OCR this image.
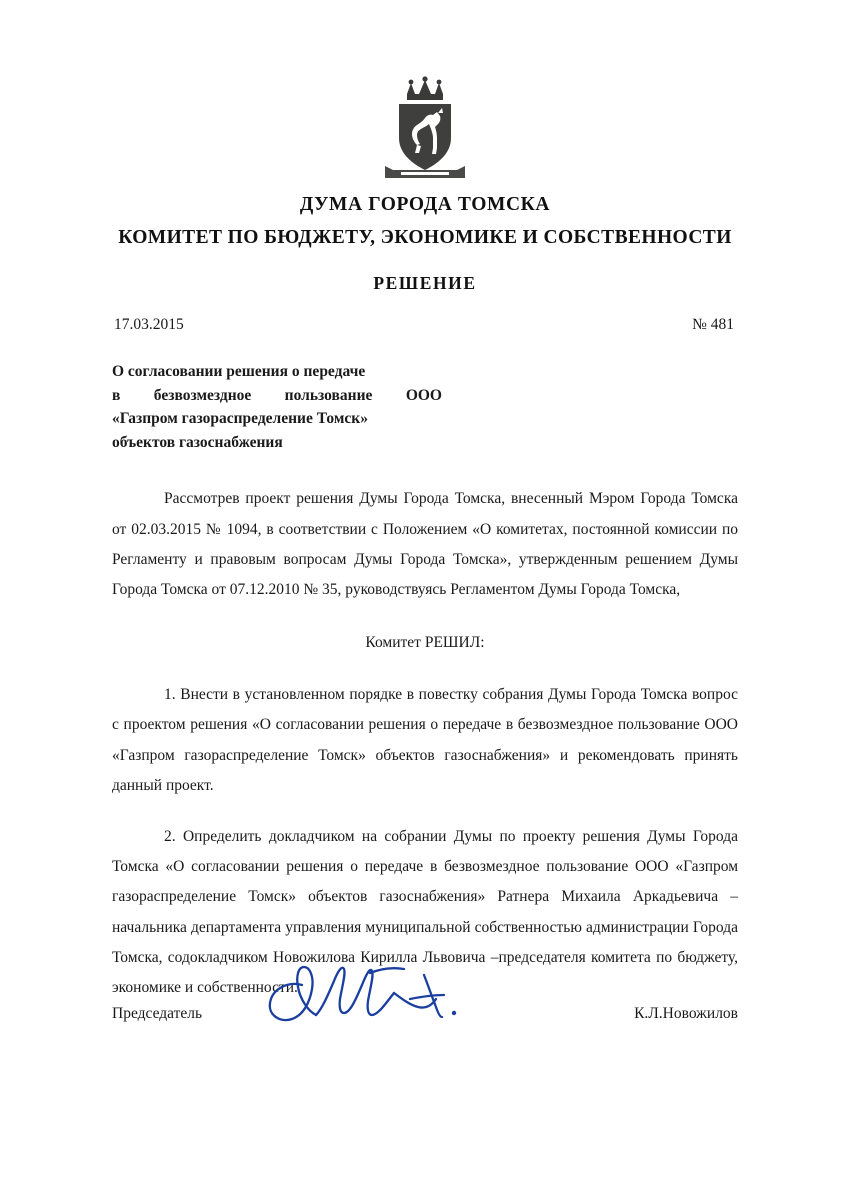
ДУМА ГОРОДА ТОМСКА
КОМИТЕТ ПО БЮДЖЕТУ, ЭКОНОМИКЕ И СОБСТВЕННОСТИ
РЕШЕНИЕ
17.03.2015	№ 481
О согласовании решения о передаче
в безвозмездное пользование ООО
«Газпром газораспределение Томск»
объектов газоснабжения

Рассмотрев проект решения Думы Города Томска, внесенный Мэром Города Томска от 02.03.2015 № 1094, в соответствии с Положением «О комитетах, постоянной комиссии по Регламенту и правовым вопросам Думы Города Томска», утвержденным решением Думы Города Томска от 07.12.2010 № 35, руководствуясь Регламентом Думы Города Томска,

Комитет РЕШИЛ:

1. Внести в установленном порядке в повестку собрания Думы Города Томска вопрос с проектом решения «О согласовании решения о передаче в безвозмездное пользование ООО «Газпром газораспределение Томск» объектов газоснабжения» и рекомендовать принять данный проект.

2. Определить докладчиком на собрании Думы по проекту решения Думы Города Томска «О согласовании решения о передаче в безвозмездное пользование ООО «Газпром газораспределение Томск» объектов газоснабжения» Ратнера Михаила Аркадьевича – начальника департамента управления муниципальной собственностью администрации Города Томска, содокладчиком Новожилова Кирилла Львовича –председателя комитета по бюджету, экономике и собственности.

Председатель	К.Л.Новожилов
